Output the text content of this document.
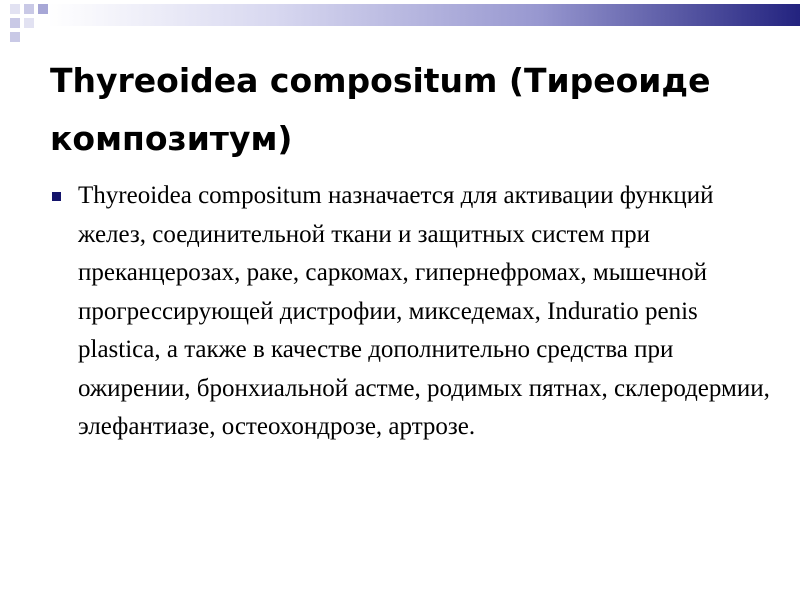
Thyreoidea compositum (Тиреоиде композитум)
Thyreoidea compositum назначается для активации функций желез, соединительной ткани и защитных систем при преканцерозах, раке, саркомах, гипернефромах, мышечной прогрессирующей дистрофии, микседемах, Induratio penis plastica, а также в качестве дополнительно средства при ожирении, бронхиальной астме, родимых пятнах, склеродермии, элефантиазе, остеохондрозе, артрозе.
